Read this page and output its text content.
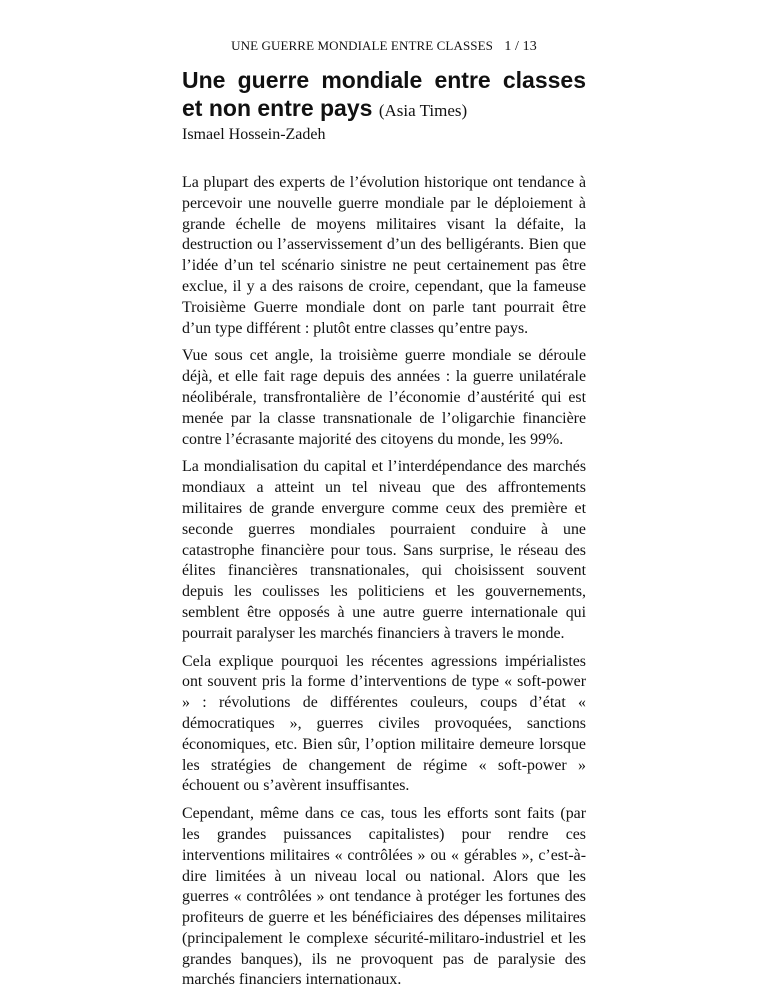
UNE GUERRE MONDIALE ENTRE CLASSES 1 / 13
Une guerre mondiale entre classes et non entre pays (Asia Times)
Ismael Hossein-Zadeh

La plupart des experts de l’évolution historique ont tendance à percevoir une nouvelle guerre mondiale par le déploiement à grande échelle de moyens militaires visant la défaite, la destruction ou l’asservissement d’un des belligérants. Bien que l’idée d’un tel scénario sinistre ne peut certainement pas être exclue, il y a des raisons de croire, cependant, que la fameuse Troisième Guerre mondiale dont on parle tant pourrait être d’un type différent : plutôt entre classes qu’entre pays.

Vue sous cet angle, la troisième guerre mondiale se déroule déjà, et elle fait rage depuis des années : la guerre unilatérale néolibérale, transfrontalière de l’économie d’austérité qui est menée par la classe transnationale de l’oligarchie financière contre l’écrasante majorité des citoyens du monde, les 99%.

La mondialisation du capital et l’interdépendance des marchés mondiaux a atteint un tel niveau que des affrontements militaires de grande envergure comme ceux des première et seconde guerres mondiales pourraient conduire à une catastrophe financière pour tous. Sans surprise, le réseau des élites financières transnationales, qui choisissent souvent depuis les coulisses les politiciens et les gouvernements, semblent être opposés à une autre guerre internationale qui pourrait paralyser les marchés financiers à travers le monde.

Cela explique pourquoi les récentes agressions impérialistes ont souvent pris la forme d’interventions de type « soft-power » : révolutions de différentes couleurs, coups d’état « démocratiques », guerres civiles provoquées, sanctions économiques, etc. Bien sûr, l’option militaire demeure lorsque les stratégies de changement de régime « soft-power » échouent ou s’avèrent insuffisantes.

Cependant, même dans ce cas, tous les efforts sont faits (par les grandes puissances capitalistes) pour rendre ces interventions militaires « contrôlées » ou « gérables », c’est-à-dire limitées à un niveau local ou national. Alors que les guerres « contrôlées » ont tendance à protéger les fortunes des profiteurs de guerre et les bénéficiaires des dépenses militaires (principalement le complexe sécurité-militaro-industriel et les grandes banques), ils ne provoquent pas de paralysie des marchés financiers internationaux.
